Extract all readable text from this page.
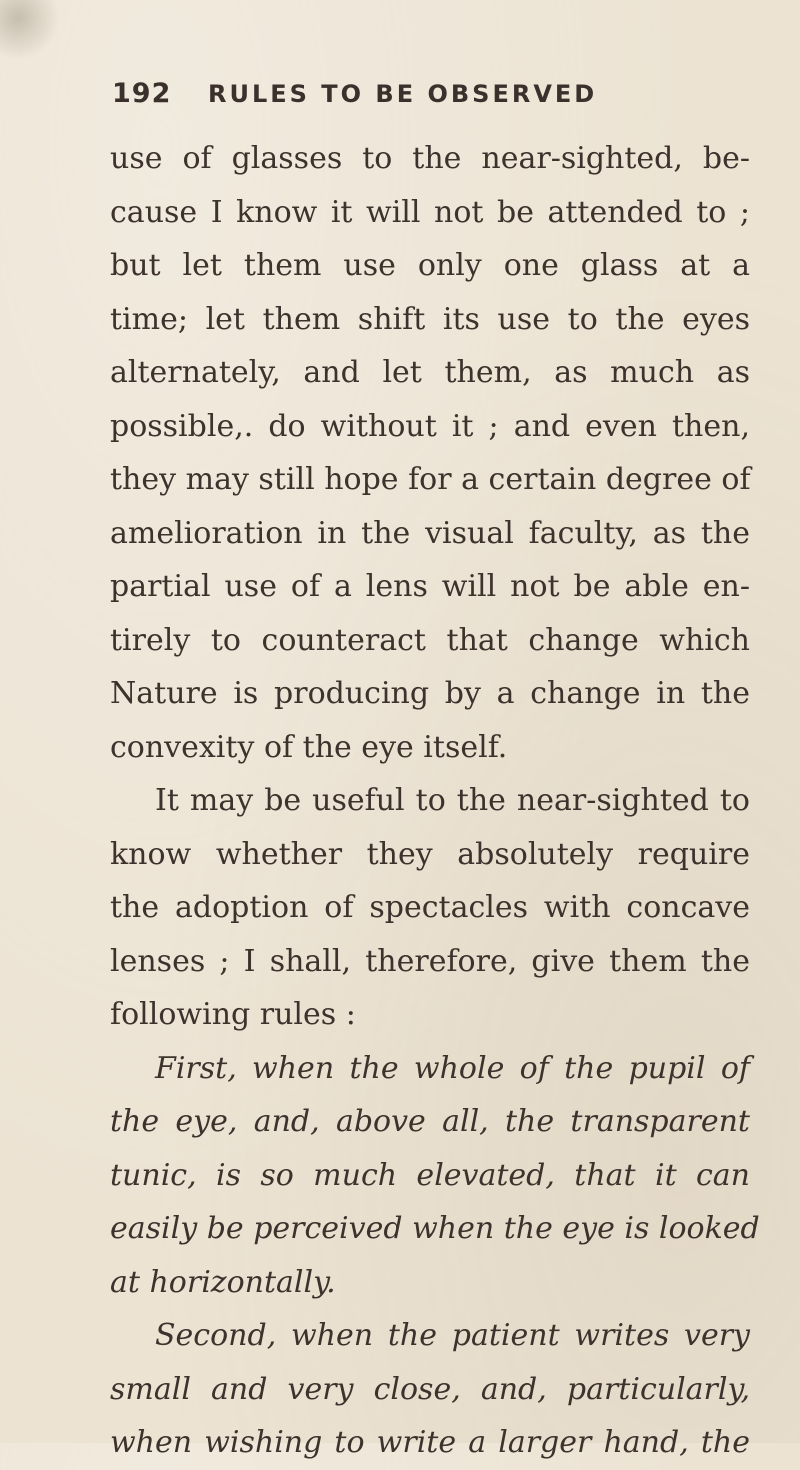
192 RULES TO BE OBSERVED
use of glasses to the near-sighted, be-
cause I know it will not be attended to ;
but let them use only one glass at a
time; let them shift its use to the eyes
alternately, and let them, as much as
possible,. do without it ; and even then,
they may still hope for a certain degree of
amelioration in the visual faculty, as the
partial use of a lens will not be able en-
tirely to counteract that change which
Nature is producing by a change in the
convexity of the eye itself.
It may be useful to the near-sighted to
know whether they absolutely require
the adoption of spectacles with concave
lenses ; I shall, therefore, give them the
following rules :
First, when the whole of the pupil of
the eye, and, above all, the transparent
tunic, is so much elevated, that it can
easily be perceived when the eye is looked
at horizontally.
Second, when the patient writes very
small and very close, and, particularly,
when wishing to write a larger hand, the
